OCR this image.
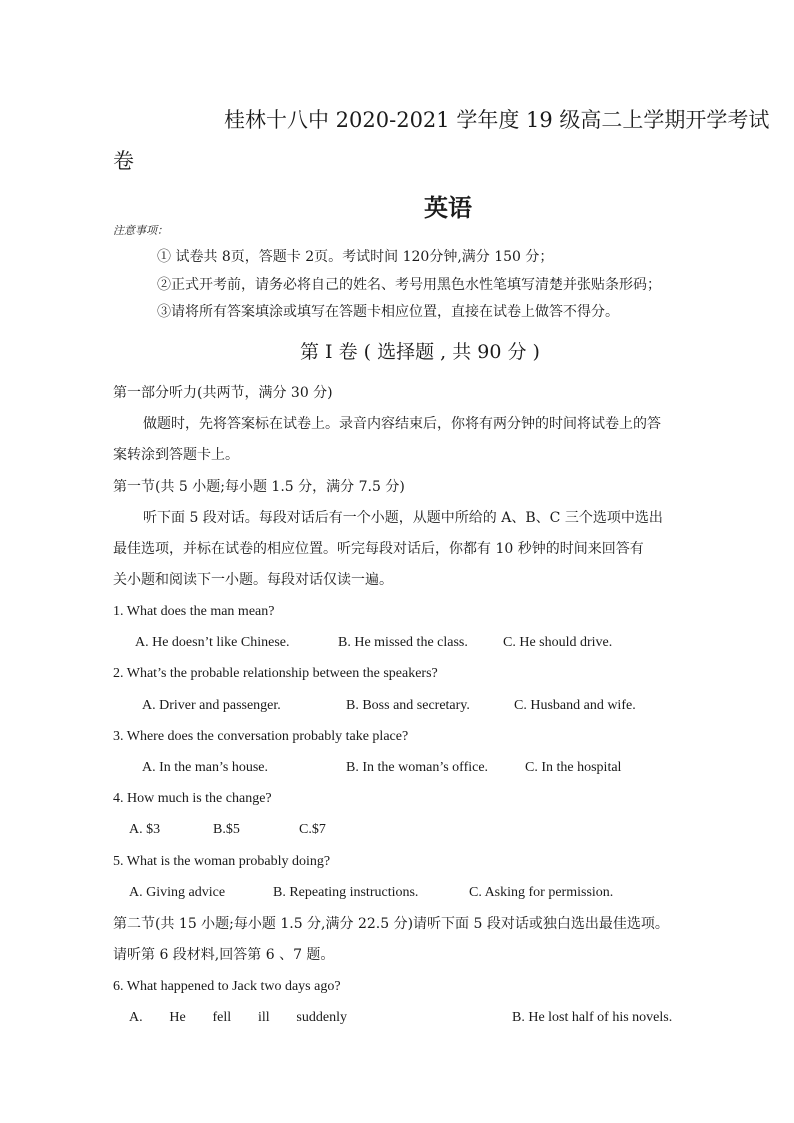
桂林十八中 2020-2021 学年度 19 级高二上学期开学考试
卷
英语
注意事项：
① 试卷共 8页，答题卡 2页。考试时间 120分钟,满分 150 分；
②正式开考前，请务必将自己的姓名、考号用黑色水性笔填写清楚并张贴条形码；
③请将所有答案填涂或填写在答题卡相应位置，直接在试卷上做答不得分。
第 I 卷 ( 选择题 , 共 90 分 )
第一部分听力(共两节，满分 30 分)
做题时，先将答案标在试卷上。录音内容结束后，你将有两分钟的时间将试卷上的答
案转涂到答题卡上。
第一节(共 5 小题;每小题 1.5 分，满分 7.5 分)
听下面 5 段对话。每段对话后有一个小题，从题中所给的 A、B、C 三个选项中选出
最佳选项，并标在试卷的相应位置。听完每段对话后，你都有 10 秒钟的时间来回答有
关小题和阅读下一小题。每段对话仅读一遍。
1. What does the man mean?
A. He doesn’t like Chinese.	B. He missed the class.	C. He should drive.
2. What’s the probable relationship between the speakers?
A. Driver and passenger.	B. Boss and secretary.	C. Husband and wife.
3. Where does the conversation probably take place?
A. In the man’s house.	B. In the woman’s office.	C. In the hospital
4. How much is the change?
A. $3	B.$5	C.$7
5. What is the woman probably doing?
A. Giving advice	B. Repeating instructions.	C. Asking for permission.
第二节(共 15 小题;每小题 1.5 分,满分 22.5 分)请听下面 5 段对话或独白选出最佳选项。
请听第 6 段材料,回答第 6 、7 题。
6. What happened to Jack two days ago?
A. He fell ill suddenly	B. He lost half of his novels.
